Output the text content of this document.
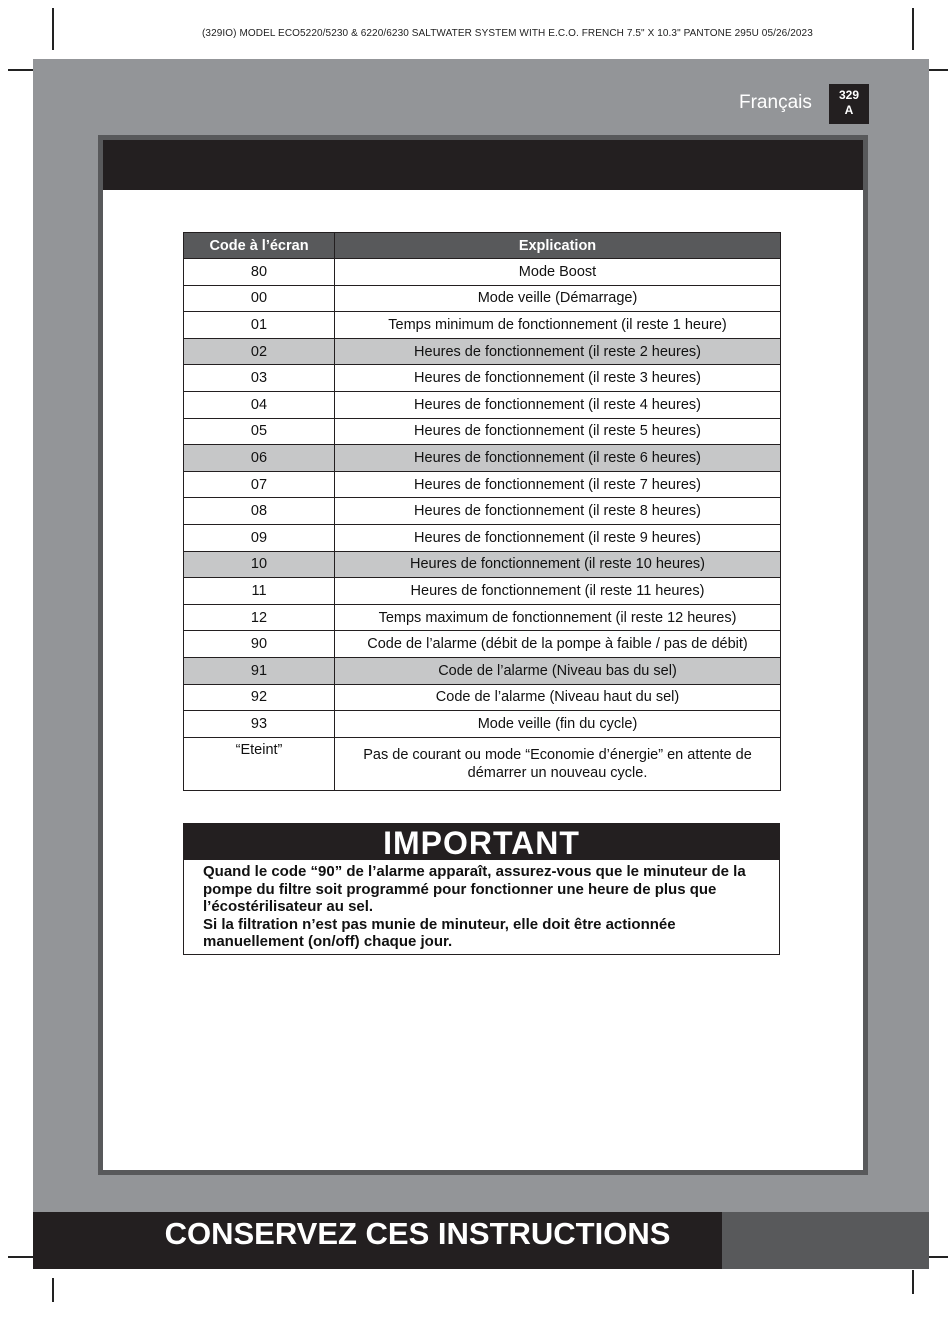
(329IO) MODEL ECO5220/5230 & 6220/6230 SALTWATER SYSTEM WITH E.C.O. FRENCH 7.5" X 10.3" PANTONE 295U 05/26/2023
Français	329
A
Code à l’écran	Explication
80	Mode Boost
00	Mode veille (Démarrage)
01	Temps minimum de fonctionnement (il reste 1 heure)
02	Heures de fonctionnement (il reste 2 heures)
03	Heures de fonctionnement (il reste 3 heures)
04	Heures de fonctionnement (il reste 4 heures)
05	Heures de fonctionnement (il reste 5 heures)
06	Heures de fonctionnement (il reste 6 heures)
07	Heures de fonctionnement (il reste 7 heures)
08	Heures de fonctionnement (il reste 8 heures)
09	Heures de fonctionnement (il reste 9 heures)
10	Heures de fonctionnement (il reste 10 heures)
11	Heures de fonctionnement (il reste 11 heures)
12	Temps maximum de fonctionnement (il reste 12 heures)
90	Code de l’alarme (débit de la pompe à faible / pas de débit)
91	Code de l’alarme (Niveau bas du sel)
92	Code de l’alarme (Niveau haut du sel)
93	Mode veille (fin du cycle)
“Eteint”	Pas de courant ou mode “Economie d’énergie” en attente de démarrer un nouveau cycle.
IMPORTANT

Quand le code “90” de l’alarme apparaît, assurez-vous que le minuteur de la pompe du filtre soit programmé pour fonctionner une heure de plus que l’écostérilisateur au sel.

Si la filtration n’est pas munie de minuteur, elle doit être actionnée manuellement (on/off) chaque jour.

CONSERVEZ CES INSTRUCTIONS
